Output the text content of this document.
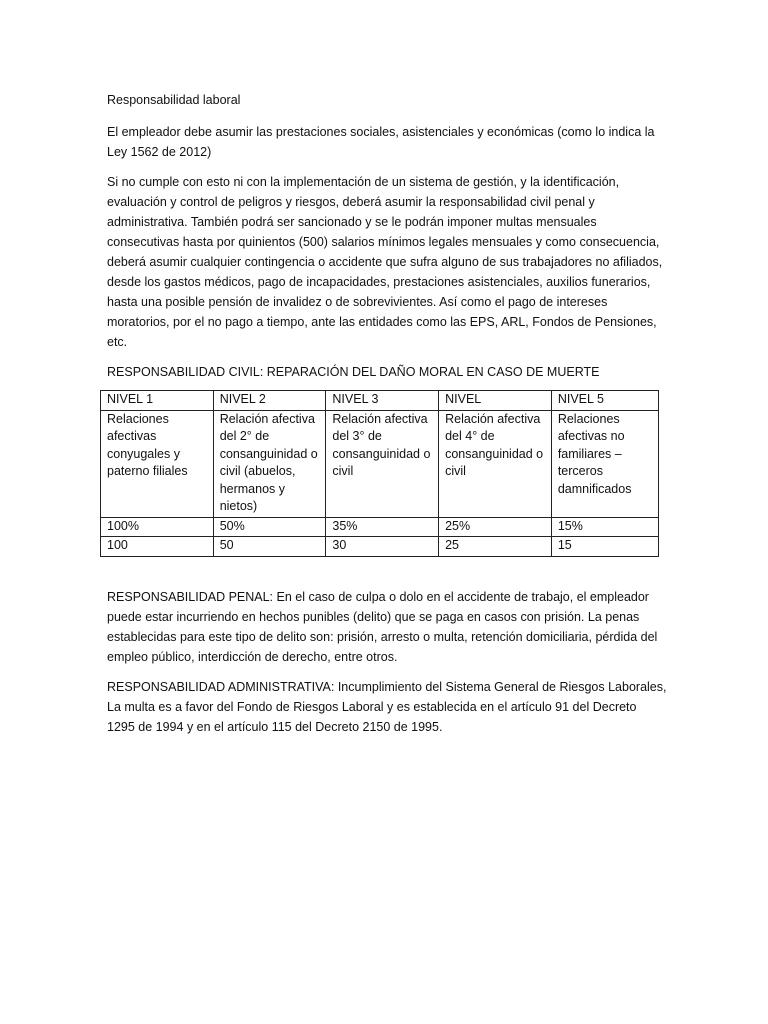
Responsabilidad laboral

El empleador debe asumir las prestaciones sociales, asistenciales y económicas (como lo indica la Ley 1562 de 2012)

Si no cumple con esto ni con la implementación de un sistema de gestión, y la identificación, evaluación y control de peligros y riesgos, deberá asumir la responsabilidad civil penal y administrativa. También podrá ser sancionado y se le podrán imponer multas mensuales consecutivas hasta por quinientos (500) salarios mínimos legales mensuales y como consecuencia, deberá asumir cualquier contingencia o accidente que sufra alguno de sus trabajadores no afiliados, desde los gastos médicos, pago de incapacidades, prestaciones asistenciales, auxilios funerarios, hasta una posible pensión de invalidez o de sobrevivientes. Así como el pago de intereses moratorios, por el no pago a tiempo, ante las entidades como las EPS, ARL, Fondos de Pensiones, etc.

RESPONSABILIDAD CIVIL: REPARACIÓN DEL DAÑO MORAL EN CASO DE MUERTE

NIVEL 1	NIVEL 2	NIVEL 3	NIVEL	NIVEL 5
Relaciones afectivas conyugales y paterno filiales	Relación afectiva del 2° de consanguinidad o civil (abuelos, hermanos y nietos)	Relación afectiva del 3° de consanguinidad o civil	Relación afectiva del 4° de consanguinidad o civil	Relaciones afectivas no familiares – terceros damnificados
100%	50%	35%	25%	15%
100	50	30	25	15

RESPONSABILIDAD PENAL: En el caso de culpa o dolo en el accidente de trabajo, el empleador puede estar incurriendo en hechos punibles (delito) que se paga en casos con prisión. La penas establecidas para este tipo de delito son: prisión, arresto o multa, retención domiciliaria, pérdida del empleo público, interdicción de derecho, entre otros.

RESPONSABILIDAD ADMINISTRATIVA: Incumplimiento del Sistema General de Riesgos Laborales, La multa es a favor del Fondo de Riesgos Laboral y es establecida en el artículo 91 del Decreto 1295 de 1994 y en el artículo 115 del Decreto 2150 de 1995.
